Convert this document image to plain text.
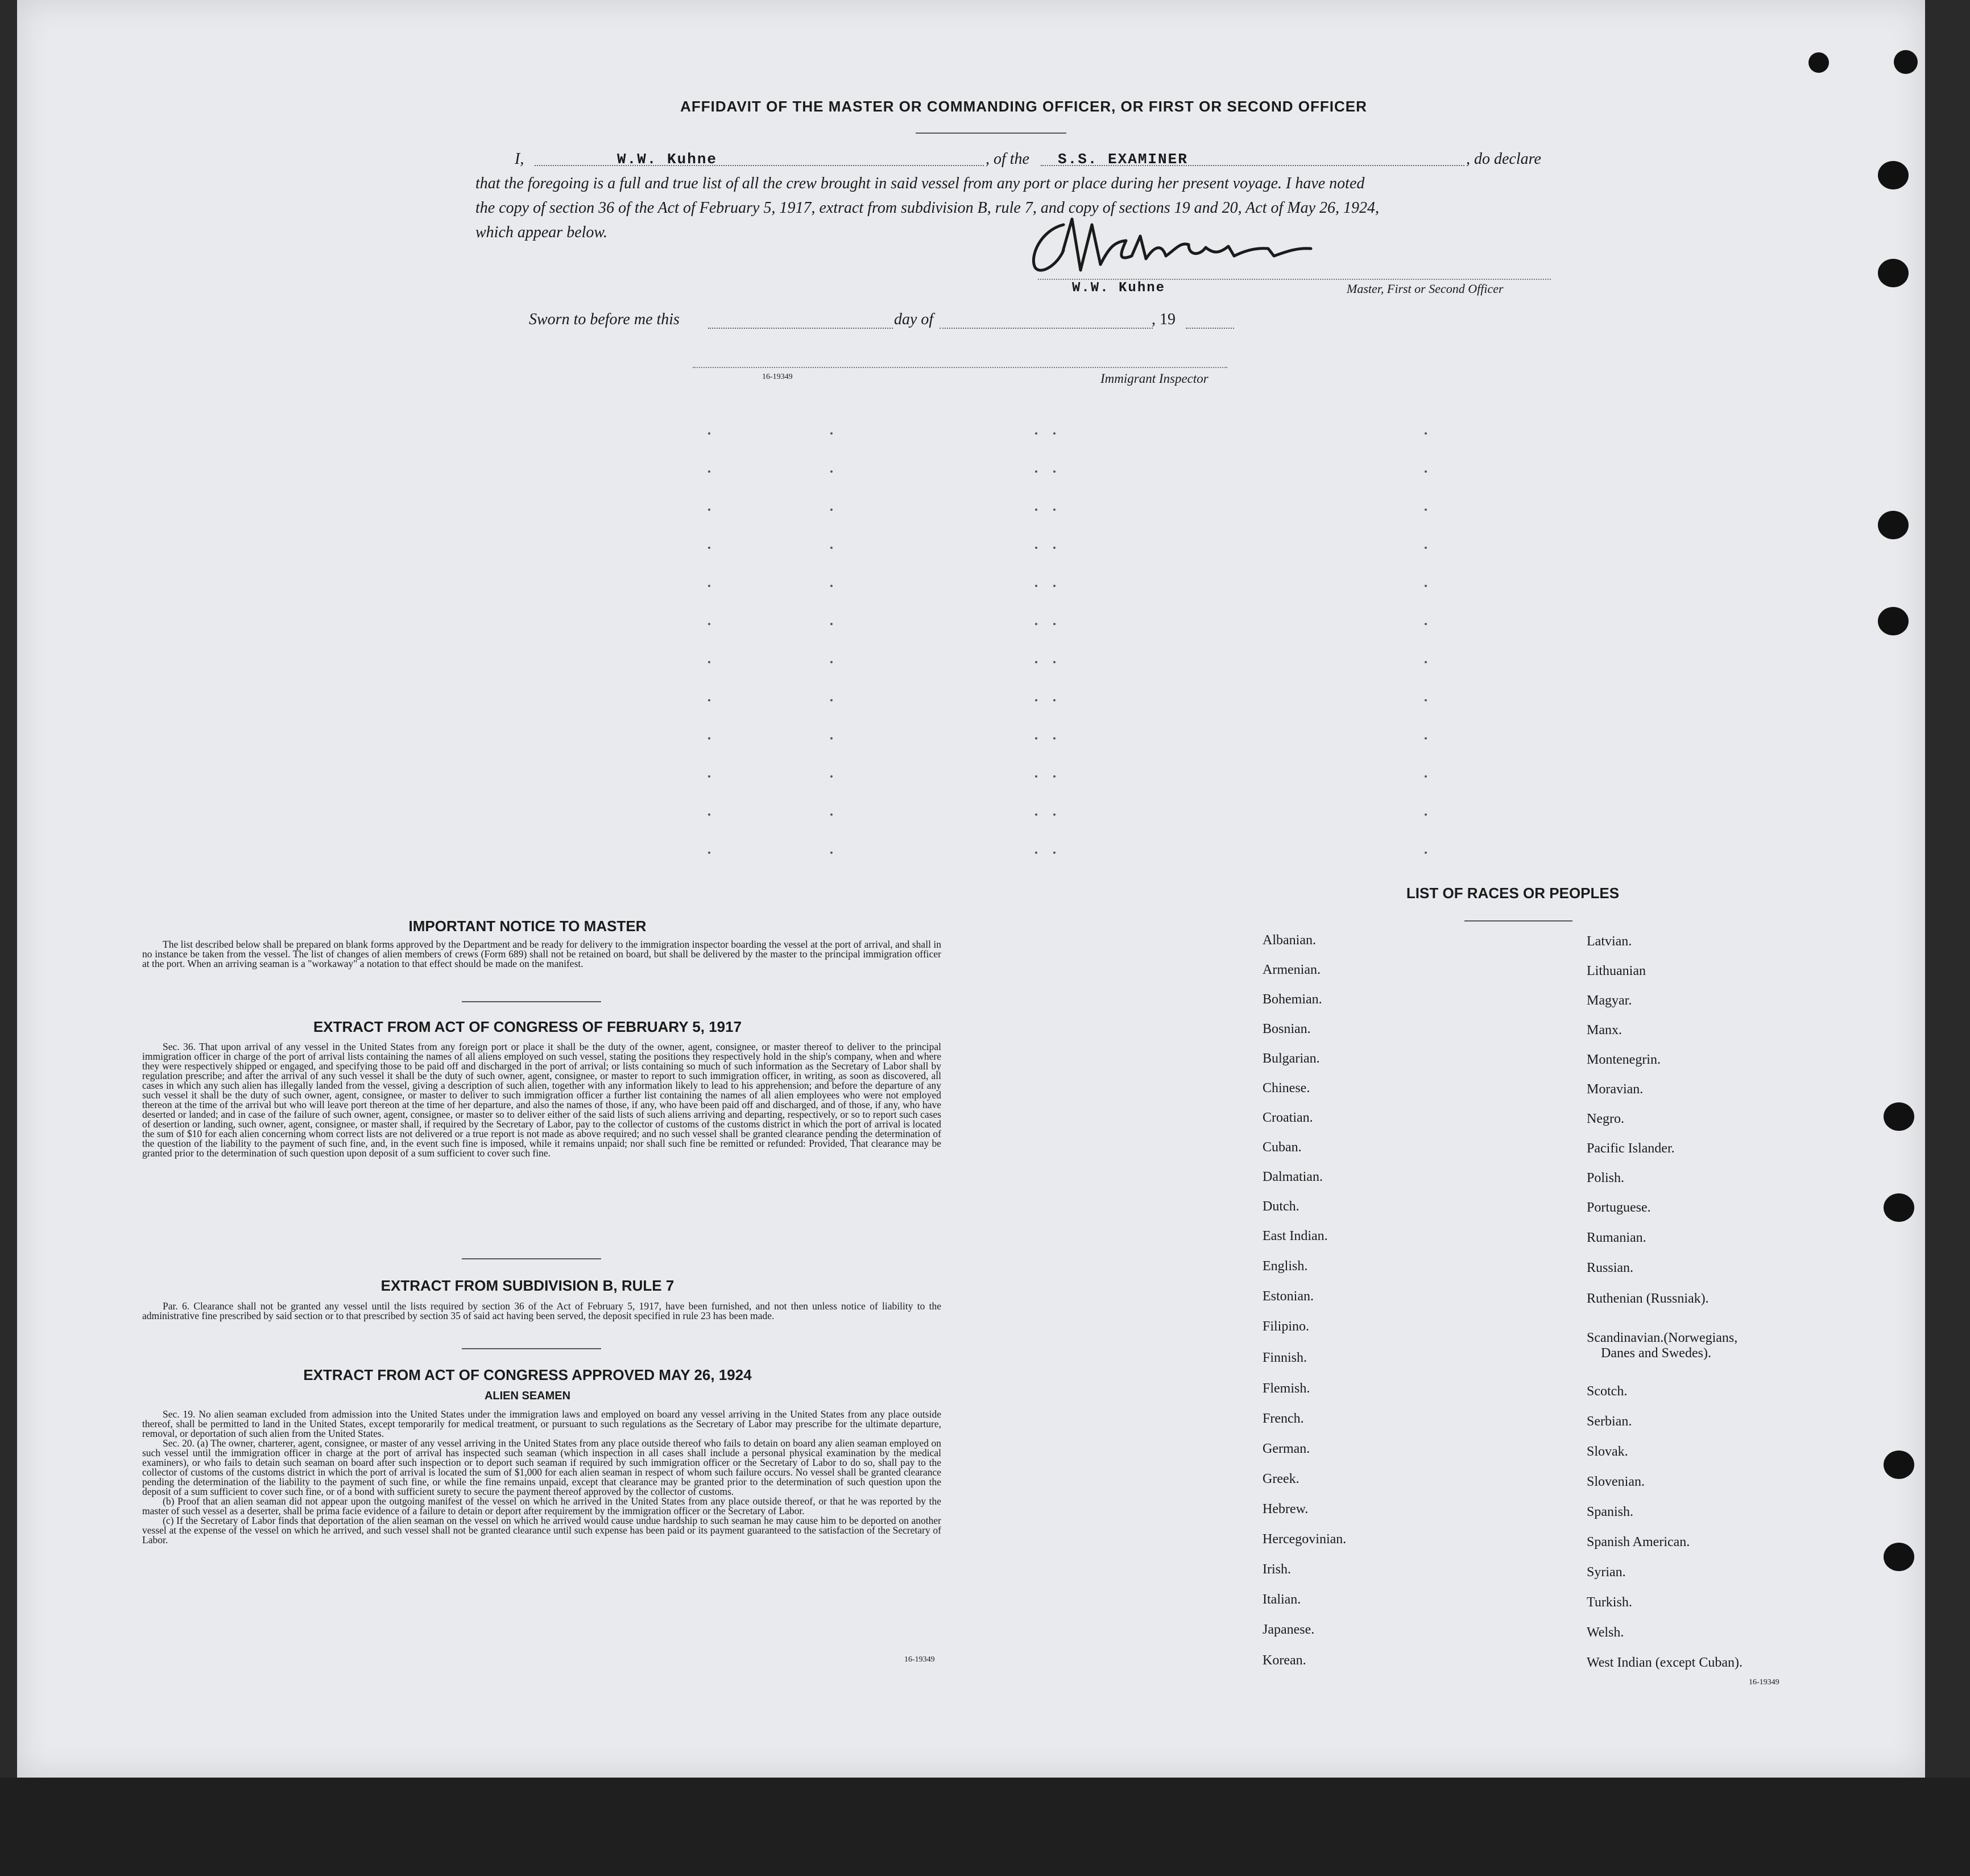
AFFIDAVIT OF THE MASTER OR COMMANDING OFFICER, OR FIRST OR SECOND OFFICER
I,	W.W. Kuhne	, of the S.S. EXAMINER	, do declare
that the foregoing is a full and true list of all the crew brought in said vessel from any port or place during her present voyage. I have noted
the copy of section 36 of the Act of February 5, 1917, extract from subdivision B, rule 7, and copy of sections 19 and 20, Act of May 26, 1924,
which appear below.
W.W. Kuhne	Master, First or Second Officer
Sworn to before me this	day of	, 19
16-19349	Immigrant Inspector
IMPORTANT NOTICE TO MASTER
The list described below shall be prepared on blank forms approved by the Department and be ready for delivery to the immigration inspector boarding the vessel at the port of arrival, and shall in no instance be taken from the vessel. The list of changes of alien members of crews (Form 689) shall not be retained on board, but shall be delivered by the master to the principal immigration officer at the port. When an arriving seaman is a "workaway" a notation to that effect should be made on the manifest.
EXTRACT FROM ACT OF CONGRESS OF FEBRUARY 5, 1917
Sec. 36. That upon arrival of any vessel in the United States from any foreign port or place it shall be the duty of the owner, agent, consignee, or master thereof to deliver to the principal immigration officer in charge of the port of arrival lists containing the names of all aliens employed on such vessel, stating the positions they respectively hold in the ship's company, when and where they were respectively shipped or engaged, and specifying those to be paid off and discharged in the port of arrival; or lists containing so much of such information as the Secretary of Labor shall by regulation prescribe; and after the arrival of any such vessel it shall be the duty of such owner, agent, consignee, or master to report to such immigration officer, in writing, as soon as discovered, all cases in which any such alien has illegally landed from the vessel, giving a description of such alien, together with any information likely to lead to his apprehension; and before the departure of any such vessel it shall be the duty of such owner, agent, consignee, or master to deliver to such immigration officer a further list containing the names of all alien employees who were not employed thereon at the time of the arrival but who will leave port thereon at the time of her departure, and also the names of those, if any, who have been paid off and discharged, and of those, if any, who have deserted or landed; and in case of the failure of such owner, agent, consignee, or master so to deliver either of the said lists of such aliens arriving and departing, respectively, or so to report such cases of desertion or landing, such owner, agent, consignee, or master shall, if required by the Secretary of Labor, pay to the collector of customs of the customs district in which the port of arrival is located the sum of $10 for each alien concerning whom correct lists are not delivered or a true report is not made as above required; and no such vessel shall be granted clearance pending the determination of the question of the liability to the payment of such fine, and, in the event such fine is imposed, while it remains unpaid; nor shall such fine be remitted or refunded: Provided, That clearance may be granted prior to the determination of such question upon deposit of a sum sufficient to cover such fine.
EXTRACT FROM SUBDIVISION B, RULE 7
Par. 6. Clearance shall not be granted any vessel until the lists required by section 36 of the Act of February 5, 1917, have been furnished, and not then unless notice of liability to the administrative fine prescribed by said section or to that prescribed by section 35 of said act having been served, the deposit specified in rule 23 has been made.
EXTRACT FROM ACT OF CONGRESS APPROVED MAY 26, 1924
ALIEN SEAMEN

Sec. 19. No alien seaman excluded from admission into the United States under the immigration laws and employed on board any vessel arriving in the United States from any place outside thereof, shall be permitted to land in the United States, except temporarily for medical treatment, or pursuant to such regulations as the Secretary of Labor may prescribe for the ultimate departure, removal, or deportation of such alien from the United States.

Sec. 20. (a) The owner, charterer, agent, consignee, or master of any vessel arriving in the United States from any place outside thereof who fails to detain on board any alien seaman employed on such vessel until the immigration officer in charge at the port of arrival has inspected such seaman (which inspection in all cases shall include a personal physical examination by the medical examiners), or who fails to detain such seaman on board after such inspection or to deport such seaman if required by such immigration officer or the Secretary of Labor to do so, shall pay to the collector of customs of the customs district in which the port of arrival is located the sum of $1,000 for each alien seaman in respect of whom such failure occurs. No vessel shall be granted clearance pending the determination of the liability to the payment of such fine, or while the fine remains unpaid, except that clearance may be granted prior to the determination of such question upon the deposit of a sum sufficient to cover such fine, or of a bond with sufficient surety to secure the payment thereof approved by the collector of customs.

(b) Proof that an alien seaman did not appear upon the outgoing manifest of the vessel on which he arrived in the United States from any place outside thereof, or that he was reported by the master of such vessel as a deserter, shall be prima facie evidence of a failure to detain or deport after requirement by the immigration officer or the Secretary of Labor.

(c) If the Secretary of Labor finds that deportation of the alien seaman on the vessel on which he arrived would cause undue hardship to such seaman he may cause him to be deported on another vessel at the expense of the vessel on which he arrived, and such vessel shall not be granted clearance until such expense has been paid or its payment guaranteed to the satisfaction of the Secretary of Labor.

16-19349
LIST OF RACES OR PEOPLES
Albanian.
Armenian.
Bohemian.
Bosnian.
Bulgarian.
Chinese.
Croatian.
Cuban.
Dalmatian.
Dutch.
East Indian.
English.
Estonian.
Filipino.
Finnish.
Flemish.
French.
German.
Greek.
Hebrew.
Hercegovinian.
Irish.
Italian.
Japanese.
Korean.
Latvian.
Lithuanian
Magyar.
Manx.
Montenegrin.
Moravian.
Negro.
Pacific Islander.
Polish.
Portuguese.
Rumanian.
Russian.
Ruthenian (Russniak).
Scandinavian.(Norwegians,
Danes and Swedes).
Scotch.
Serbian.
Slovak.
Slovenian.
Spanish.
Spanish American.
Syrian.
Turkish.
Welsh.
West Indian (except Cuban).
16-19349
